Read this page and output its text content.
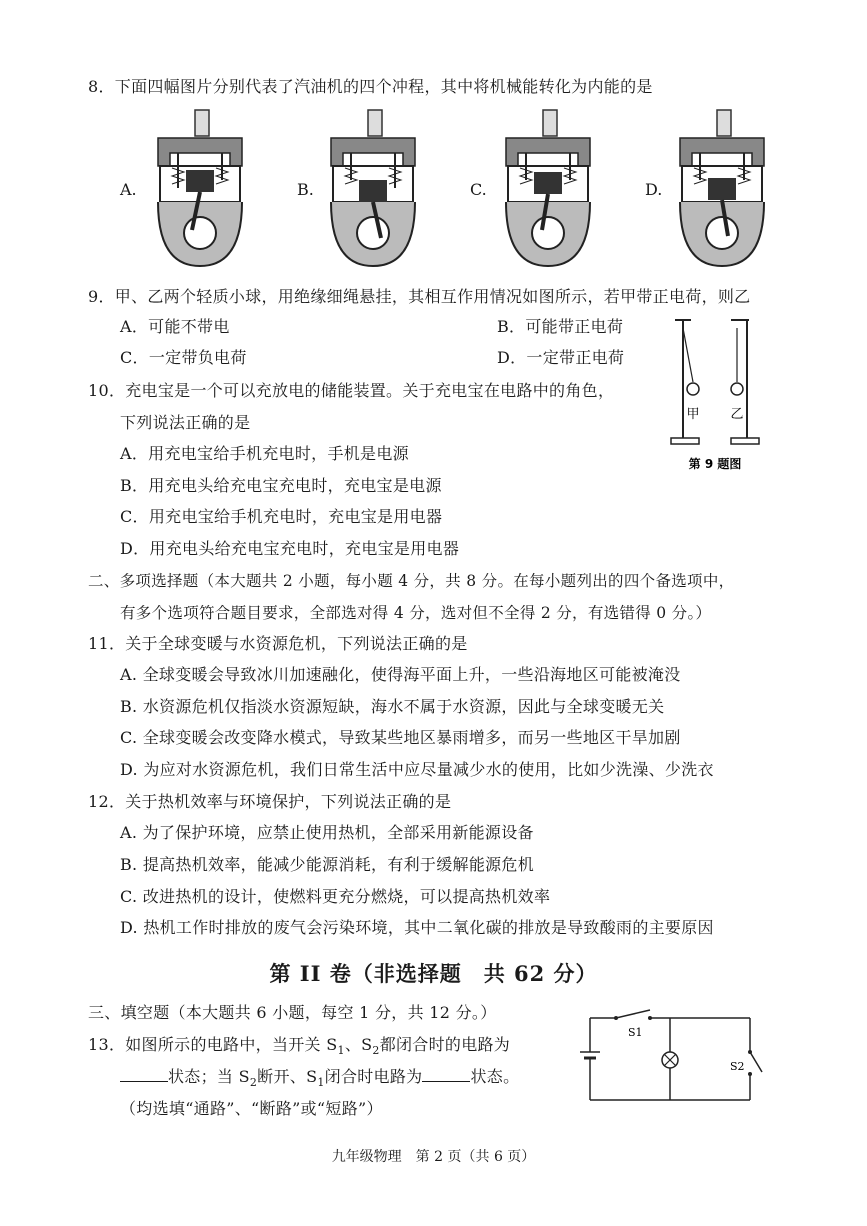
8．下面四幅图片分别代表了汽油机的四个冲程，其中将机械能转化为内能的是
A.	B.	C.	D.
9．甲、乙两个轻质小球，用绝缘细绳悬挂，其相互作用情况如图所示，若甲带正电荷，则乙
A．可能不带电	B．可能带正电荷
C．一定带负电荷	D．一定带正电荷
甲 乙
第 9 题图
10．充电宝是一个可以充放电的储能装置。关于充电宝在电路中的角色，
下列说法正确的是
A．用充电宝给手机充电时，手机是电源
B．用充电头给充电宝充电时，充电宝是电源
C．用充电宝给手机充电时，充电宝是用电器
D．用充电头给充电宝充电时，充电宝是用电器
二、多项选择题（本大题共 2 小题，每小题 4 分，共 8 分。在每小题列出的四个备选项中，
有多个选项符合题目要求，全部选对得 4 分，选对但不全得 2 分，有选错得 0 分。）
11．关于全球变暖与水资源危机，下列说法正确的是
A. 全球变暖会导致冰川加速融化，使得海平面上升，一些沿海地区可能被淹没
B. 水资源危机仅指淡水资源短缺，海水不属于水资源，因此与全球变暖无关
C. 全球变暖会改变降水模式，导致某些地区暴雨增多，而另一些地区干旱加剧
D. 为应对水资源危机，我们日常生活中应尽量减少水的使用，比如少洗澡、少洗衣
12．关于热机效率与环境保护，下列说法正确的是
A. 为了保护环境，应禁止使用热机，全部采用新能源设备
B. 提高热机效率，能减少能源消耗，有利于缓解能源危机
C. 改进热机的设计，使燃料更充分燃烧，可以提高热机效率
D. 热机工作时排放的废气会污染环境，其中二氧化碳的排放是导致酸雨的主要原因
第 II 卷（非选择题　共 62 分）
三、填空题（本大题共 6 小题，每空 1 分，共 12 分。）
13．如图所示的电路中，当开关 $S_1$、$S_2$都闭合时的电路为
状态；当 $S_2$断开、$S_1$闭合时电路为	状态。
（均选填“通路”、“断路”或“短路”）
S1
S2
九年级物理　第 2 页（共 6 页）
